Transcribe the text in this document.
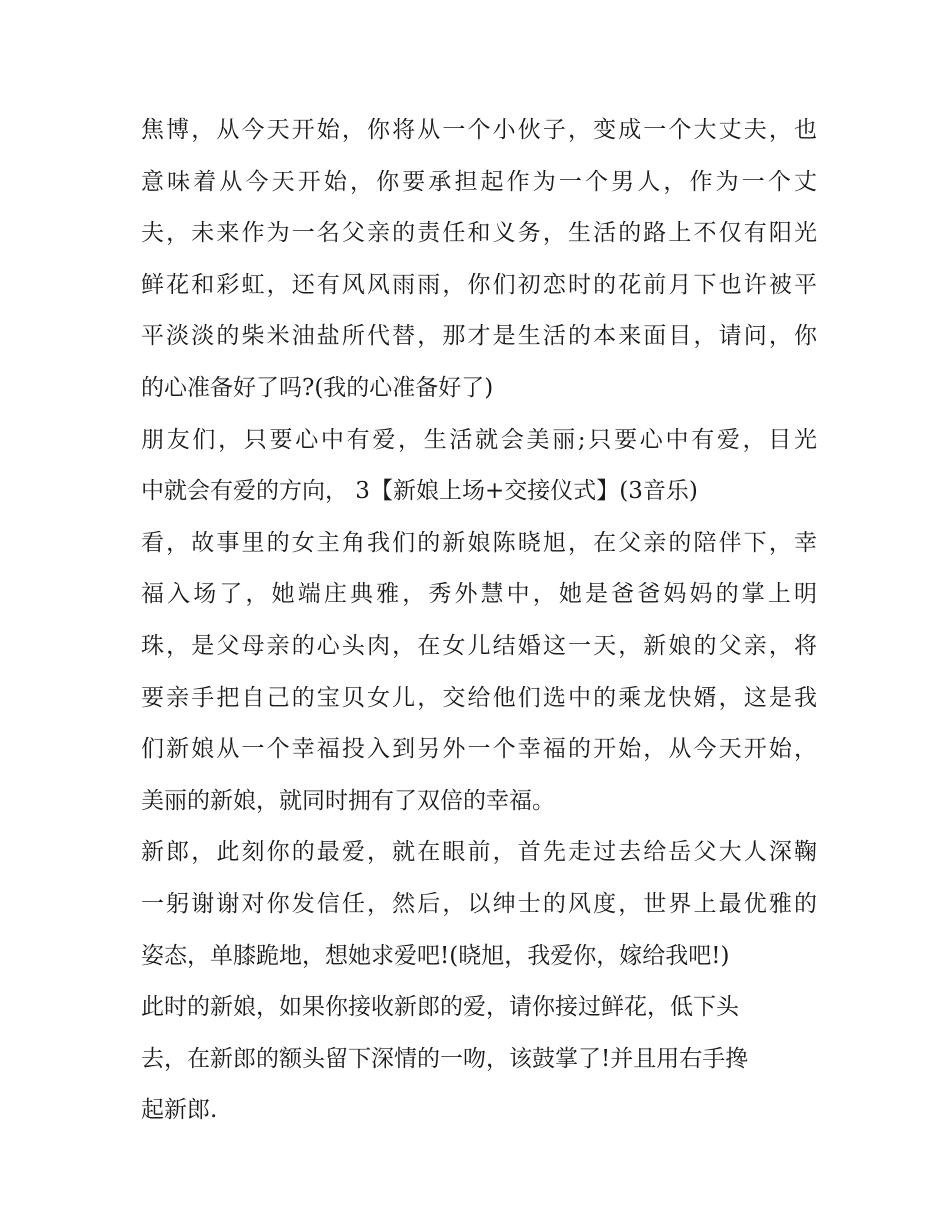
焦博，从今天开始，你将从一个小伙子，变成一个大丈夫，也
意味着从今天开始，你要承担起作为一个男人，作为一个丈
夫，未来作为一名父亲的责任和义务，生活的路上不仅有阳光
鲜花和彩虹，还有风风雨雨，你们初恋时的花前月下也许被平
平淡淡的柴米油盐所代替，那才是生活的本来面目，请问，你
的心准备好了吗?(我的心准备好了)
朋友们，只要心中有爱，生活就会美丽;只要心中有爱，目光
中就会有爱的方向， 3【新娘上场+交接仪式】(3音乐)
看，故事里的女主角我们的新娘陈晓旭，在父亲的陪伴下，幸
福入场了，她端庄典雅，秀外慧中，她是爸爸妈妈的掌上明
珠，是父母亲的心头肉，在女儿结婚这一天，新娘的父亲，将
要亲手把自己的宝贝女儿，交给他们选中的乘龙快婿，这是我
们新娘从一个幸福投入到另外一个幸福的开始，从今天开始，
美丽的新娘，就同时拥有了双倍的幸福。
新郎，此刻你的最爱，就在眼前，首先走过去给岳父大人深鞠
一躬谢谢对你发信任，然后，以绅士的风度，世界上最优雅的
姿态，单膝跪地，想她求爱吧!(晓旭，我爱你，嫁给我吧!)
此时的新娘，如果你接收新郎的爱，请你接过鲜花，低下头
去，在新郎的额头留下深情的一吻，该鼓掌了!并且用右手搀
起新郎.
